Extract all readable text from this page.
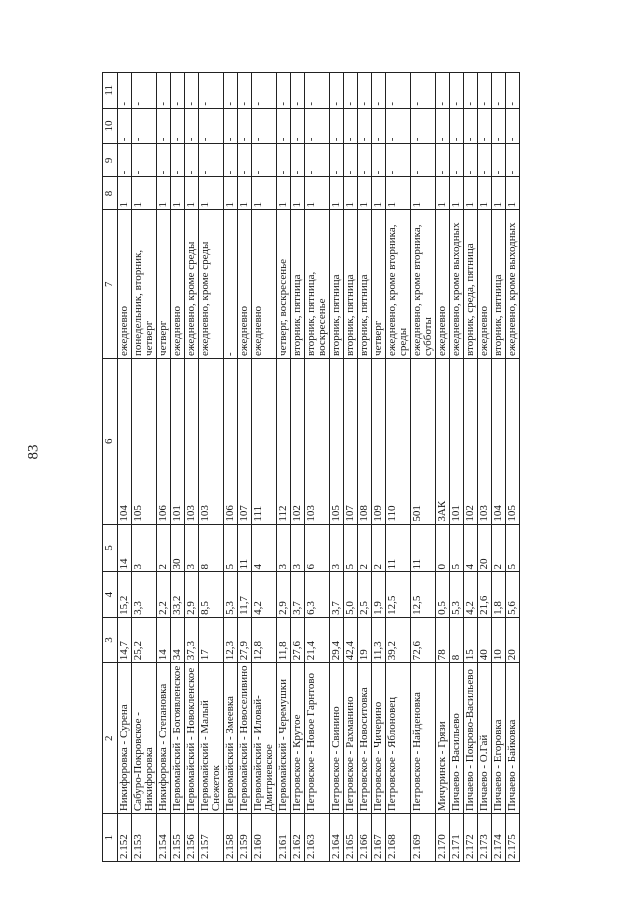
83
1	2	3	4	5	6	7	8	9	10	11
2.152	Никифоровка - Сурена	14,7	15,2	14	104	ежедневно	1	-	-	-
2.153	Сабуро-Покровское - Никифоровка	25,2	3,3	3	105	понедельник, вторник, четверг	1	-	-	-
2.154	Никифоровка - Степановка	14	2,2	2	106	четверг	1	-	-	-
2.155	Первомайский - Богоявленское	34	33,2	30	101	ежедневно	1	-	-	-
2.156	Первомайский - Новокленское	37,3	2,9	3	103	ежедневно, кроме среды	1	-	-	-
2.157	Первомайский - Малый Снежеток	17	8,5	8	103	ежедневно, кроме среды	1	-	-	-
2.158	Первомайский - Змеевка	12,3	5,3	5	106	-	1	-	-	-
2.159	Первомайский - Новоселивино	27,9	11,7	11	107	ежедневно	1	-	-	-
2.160	Первомайский - Иловай-Дмитриевское	12,8	4,2	4	111	ежедневно	1	-	-	-
2.161	Первомайский - Черемушки	11,8	2,9	3	112	четверг, воскресенье	1	-	-	-
2.162	Петровское - Крутое	27,6	3,7	3	102	вторник, пятница	1	-	-	-
2.163	Петровское - Новое Гарнтово	21,4	6,3	6	103	вторник, пятница, воскресенье	1	-	-	-
2.164	Петровское - Свинино	29,4	3,7	3	105	вторник, пятница	1	-	-	-
2.165	Петровское - Рахманино	42,4	5,0	5	107	вторник, пятница	1	-	-	-
2.166	Петровское - Новоситовка	19	2,5	2	108	вторник, пятница	1	-	-	-
2.167	Петровское - Чичерино	11,3	1,9	2	109	четверг	1	-	-	-
2.168	Петровское - Яблоновец	39,2	12,5	11	110	ежедневно, кроме вторника, среды	1	-	-	-
2.169	Петровское - Найденовка	72,6	12,5	11	501	ежедневно, кроме вторника, субботы	1	-	-	-
2.170	Мичуринск - Грязи	78	0,5	0	3АК	ежедневно	1	-	-	-
2.171	Пичаево - Васильево	8	5,3	5	101	ежедневно, кроме выходных	1	-	-	-
2.172	Пичаево - Покрово-Васильево	15	4,2	4	102	вторник, среда, пятница	1	-	-	-
2.173	Пичаево - О.Гай	40	21,6	20	103	ежедневно	1	-	-	-
2.174	Пичаево - Егоровка	10	1,8	2	104	вторник, пятница	1	-	-	-
2.175	Пичаево - Байковка	20	5,6	5	105	ежедневно, кроме выходных	1	-	-	-
